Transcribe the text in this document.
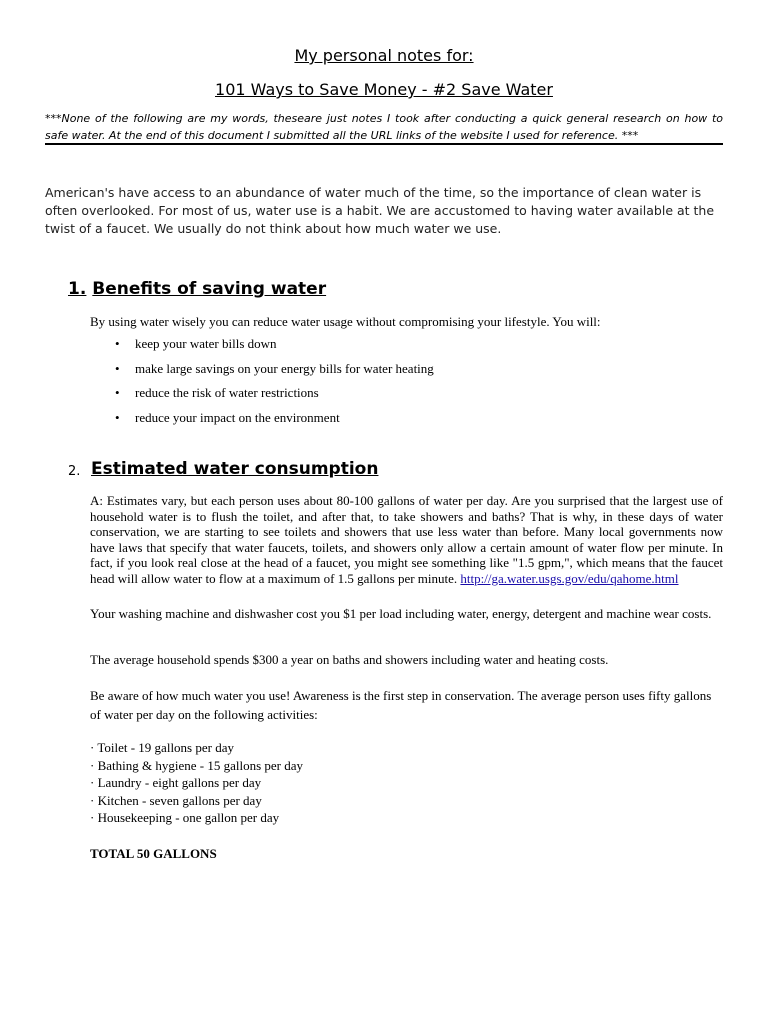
My personal notes for:
101 Ways to Save Money - #2 Save Water
***None of the following are my words, theseare just notes I took after conducting a quick general research on how to safe water. At the end of this document I submitted all the URL links of the website I used for reference. ***
American's have access to an abundance of water much of the time, so the importance of clean water is often overlooked. For most of us, water use is a habit. We are accustomed to having water available at the twist of a faucet. We usually do not think about how much water we use.
1. Benefits of saving water
By using water wisely you can reduce water usage without compromising your lifestyle. You will:
• keep your water bills down
• make large savings on your energy bills for water heating
• reduce the risk of water restrictions
• reduce your impact on the environment
2. Estimated water consumption
A: Estimates vary, but each person uses about 80-100 gallons of water per day. Are you surprised that the largest use of household water is to flush the toilet, and after that, to take showers and baths? That is why, in these days of water conservation, we are starting to see toilets and showers that use less water than before. Many local governments now have laws that specify that water faucets, toilets, and showers only allow a certain amount of water flow per minute. In fact, if you look real close at the head of a faucet, you might see something like "1.5 gpm,", which means that the faucet head will allow water to flow at a maximum of 1.5 gallons per minute. http://ga.water.usgs.gov/edu/qahome.html
Your washing machine and dishwasher cost you $1 per load including water, energy, detergent and machine wear costs.
The average household spends $300 a year on baths and showers including water and heating costs.
Be aware of how much water you use! Awareness is the first step in conservation. The average person uses fifty gallons of water per day on the following activities:
· Toilet - 19 gallons per day
· Bathing & hygiene - 15 gallons per day
· Laundry - eight gallons per day
· Kitchen - seven gallons per day
· Housekeeping - one gallon per day
TOTAL 50 GALLONS
